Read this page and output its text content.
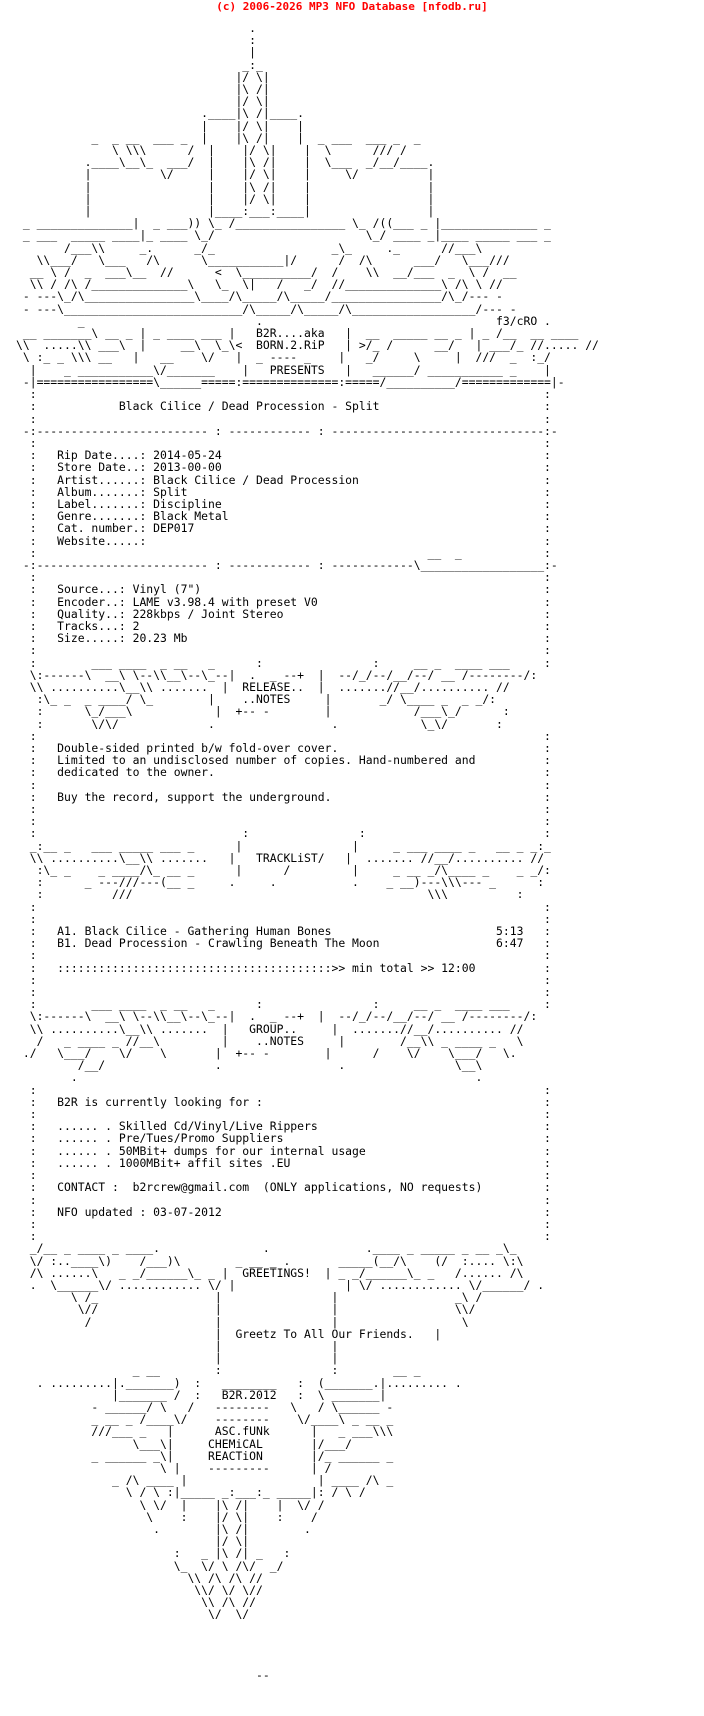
(c) 2006-2026 MP3 NFO Database [nfodb.ru]
.
:
|
_:_
|/ \|
|\ /|
|/ \|
.____|\ /|____.
|    |/ \|    |
_  _ __  ___ _  |    |\ /|    |  _ ___  ___ _  _
\ \\\      /  |    |/ \|    |  \      /// /
.____\__\_  ___/  |    |\ /|    |  \___  _/__/____.
|          \/     |    |/ \|    |     \/          |
|                 |    |\ /|    |                 |
|                 |    |/ \|    |                 |
|                 |____:___:____|                 |
_ ______________|  _ ___)) \_ /________________ \_ /((___ _ |______________ _
_ ___  _____ ____|_ ____ \_/                      \_/ ____ _|____ _____ ___ _
/___\\     _.      _/_                 _\_     ._      //___\
\\___/   \___   /\      \___________|/      /  /\      ___/   \___///
__ \ /  _  ___\__  //      <  \__________/  /    \\  __/___  _  \ /  __
\\ / /\ /______________\   \_  \|   /   _/  //______________\ /\ \ //
- ---\_/\________________\____/\_____/\_____/________________/\_/--- -
- ---\__________________________/\_____/\_____/\__________________/--- -
_                         .                                  f3/cRO .
__ _______\ __ _ | _ ____ ___ |   B2R....aka   |  __  _____ __ _ | _ /__  __ ____
\\  .....\\ ___\  |     __\  \_\<  BORN.2.RiP   | >/_ /      __/   | ___/_ //..... //
\ :_ _ \\\ __   |   __    \/   |  _ ---- _    |   _/     \     |  ///  _  :_/
|    _ ___________\/_______    |   PRESENTS   |   ______/ ___________ _    |
-|=================\______=====:==============:=====/__________/=============|-
:                                                                          :
:            Black Cilice / Dead Procession - Split                        :
:                                                                          :
-:------------------------- : ------------ : -------------------------------:-
:                                                                          :
:   Rip Date....: 2014-05-24                                               :
:   Store Date..: 2013-00-00                                               :
:   Artist......: Black Cilice / Dead Procession                           :
:   Album.......: Split                                                    :
:   Label.......: Discipline                                               :
:   Genre.......: Black Metal                                              :
:   Cat. number.: DEP017                                                   :
:   Website.....:                                                          :
:                                                         __  _            :
-:------------------------- : ------------ : ------------\__________________:-
:                                                                          :
:   Source...: Vinyl (7")                                                  :
:   Encoder..: LAME v3.98.4 with preset V0                                 :
:   Quality..: 228kbps / Joint Stereo                                      :
:   Tracks...: 2                                                           :
:   Size.....: 20.23 Mb                                                    :
:                                                                          :
:        ___ ____  _ __   _      :                :     __ _  ____ ___     :
\:------\  __\ \--\\__\--\_--|  .  _ --+  |  --/_/--/__/--/ __ /--------/:
\\ ..........\__\\ .......  |  RELEASE..  |  .......//__/.......... //
:\_ _  _ ____/ \_        |    ..NOTES     |       _/ \____ _  _ _/:
:      \_/___\            |  +-- -        |            /___\_/      :
:       \/\/             .                 .            \_\/       :
:                                                                          :
:   Double-sided printed b/w fold-over cover.                              :
:   Limited to an undisclosed number of copies. Hand-numbered and          :
:   dedicated to the owner.                                                :
:                                                                          :
:   Buy the record, support the underground.                               :
:                                                                          :
:                                                                          :
:                              :                :                          :
_:__ _   ___ _____ ___ _      |                |     _ ___ ____ _   __ _ _:_
\\ ..........\__\\ .......   |   TRACKLiST/   |  ....... //__/.......... //
:\_ _    _ ____/\_ __ _      |      /         |     _ __ _/\____ _    _ _/:
:      _ ---///---(__ _     .     .           .    _ __)---\\\--- _      :
:          ///                                           \\\          :
:                                                                          :
:                                                                          :
:   A1. Black Cilice - Gathering Human Bones                        5:13   :
:   B1. Dead Procession - Crawling Beneath The Moon                 6:47   :
:                                                                          :
:   ::::::::::::::::::::::::::::::::::::::::>> min total >> 12:00          :
:                                                                          :
:                                                                          :
:        ___ ____  _ __   _      :                :     __ _  ____ ___     :
\:------\  __\ \--\\__\--\_--|  .  _ --+  |  --/_/--/__/--/ __ /--------/:
\\ ..........\__\\ .......  |   GROUP..     |  .......//__/.......... //
/   _ ____ _ //__\         |    ..NOTES     |        /__\\ _ ____ _   \
./   \___/    \/    \       |  +-- -        |      /    \/    \___/   \.
/__/                .                 .                \__\
.                                                          .
:                                                                          :
:   B2R is currently looking for :                                         :
:                                                                          :
:   ...... . Skilled Cd/Vinyl/Live Rippers                                 :
:   ...... . Pre/Tues/Promo Suppliers                                      :
:   ...... . 50MBit+ dumps for our internal usage                          :
:   ...... . 1000MBit+ affil sites .EU                                     :
:                                                                          :
:   CONTACT :  b2rcrew@gmail.com  (ONLY applications, NO requests)         :
:                                                                          :
:   NFO updated : 03-07-2012                                               :
:                                                                          :
:                                                                          :
_/__ _ ____ _ ____.               .              .____ _ _____ _ __ _\_
\/ :..____\)    /___)\        _ __ _ .       _____(__/\    (/  :.... \:\
/\ ......\   _ _/______\_ _ |  GREETINGS!  | _ _/______\_ _   /...... /\
.  \______\/ ............ \/ |                | \/ ............ \/______/ .
\ /_                 |                |                 _\ /
\//                 |                |                 \\/
/                  |                |                  \
|  Greetz To All Our Friends.   |
|                |
|                |
_ __        :                :        __ _
. .........|._______)  :   ________   :  (_______.|......... .
|_______ /  :   B2R.2012   :  \ _______|
- ______/ \   /   --------   \   / \______ -
_ __ _ /____\/    --------    \/____\ _ __ _
///___ _   |      ASC.fUNk      |   _ ___\\\
\___\|     CHEMiCAL       |/___/
_ ______ _\|     REACTiON       |/_ ______ _
\ |    ---------      | /
_ /\ ____ |                   | ____ /\ _
\ / \ :|_____ _:___:_ _____|: / \ /
\ \/  |    |\ /|    |  \/ /
\    :    |/ \|    :    /
.        |\ /|        .
|/ \|
:   _ |\ /| _   :
\_  \/ \ /\/  _/
\\ /\ /\ //
\\/ \/ \//
\\ /\ //
\/  \/

--
